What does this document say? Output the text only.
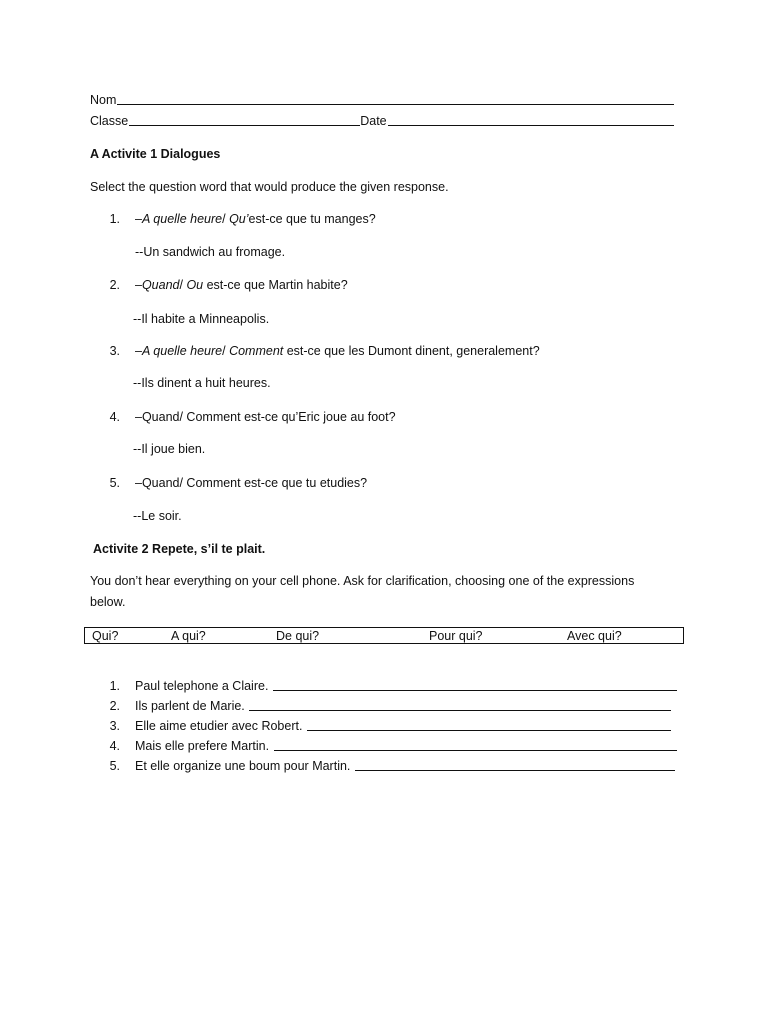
Nom
Classe	Date
A Activite 1 Dialogues
Select the question word that would produce the given response.
1. –A quelle heure/ Qu’est-ce que tu manges?
--Un sandwich au fromage.
2. –Quand/ Ou est-ce que Martin habite?
--Il habite a Minneapolis.
3. –A quelle heure/ Comment est-ce que les Dumont dinent, generalement?
--Ils dinent a huit heures.
4. –Quand/ Comment est-ce qu’Eric joue au foot?
--Il joue bien.
5. –Quand/ Comment est-ce que tu etudies?
--Le soir.
Activite 2 Repete, s’il te plait.
You don’t hear everything on your cell phone. Ask for clarification, choosing one of the expressions
below.
Qui?	A qui?	De qui?	Pour qui?	Avec qui?
1. Paul telephone a Claire.

2. Ils parlent de Marie.

3. Elle aime etudier avec Robert.

4. Mais elle prefere Martin.

5. Et elle organize une boum pour Martin.
